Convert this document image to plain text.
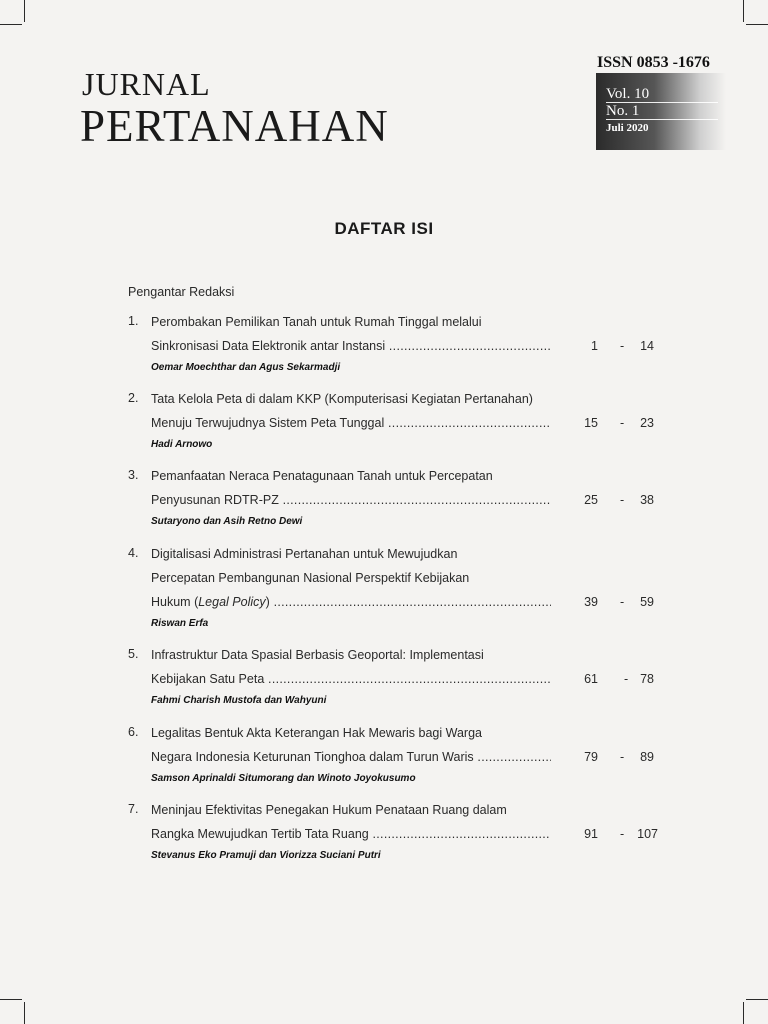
JURNAL
PERTANAHAN
ISSN 0853 -1676
Vol. 10
No. 1
Juli 2020
DAFTAR ISI
Pengantar Redaksi
1. Perombakan Pemilikan Tanah untuk Rumah Tinggal melalui
Sinkronisasi Data Elektronik antar Instansi .....	1 -	14
Oemar Moechthar dan Agus Sekarmadji
2. Tata Kelola Peta di dalam KKP (Komputerisasi Kegiatan Pertanahan)
Menuju Terwujudnya Sistem Peta Tunggal .....	15 -	23
Hadi Arnowo
3. Pemanfaatan Neraca Penatagunaan Tanah untuk Percepatan
Penyusunan RDTR-PZ .....	25 -	38
Sutaryono dan Asih Retno Dewi
4. Digitalisasi Administrasi Pertanahan untuk Mewujudkan
Percepatan Pembangunan Nasional Perspektif Kebijakan
Hukum (Legal Policy) .....	39 -	59
Riswan Erfa
5. Infrastruktur Data Spasial Berbasis Geoportal: Implementasi
Kebijakan Satu Peta .....	61 - 78
Fahmi Charish Mustofa dan Wahyuni
6. Legalitas Bentuk Akta Keterangan Hak Mewaris bagi Warga
Negara Indonesia Keturunan Tionghoa dalam Turun Waris .....	79 -	89
Samson Aprinaldi Situmorang dan Winoto Joyokusumo
7. Meninjau Efektivitas Penegakan Hukum Penataan Ruang dalam
Rangka Mewujudkan Tertib Tata Ruang .....	91 - 107
Stevanus Eko Pramuji dan Viorizza Suciani Putri
